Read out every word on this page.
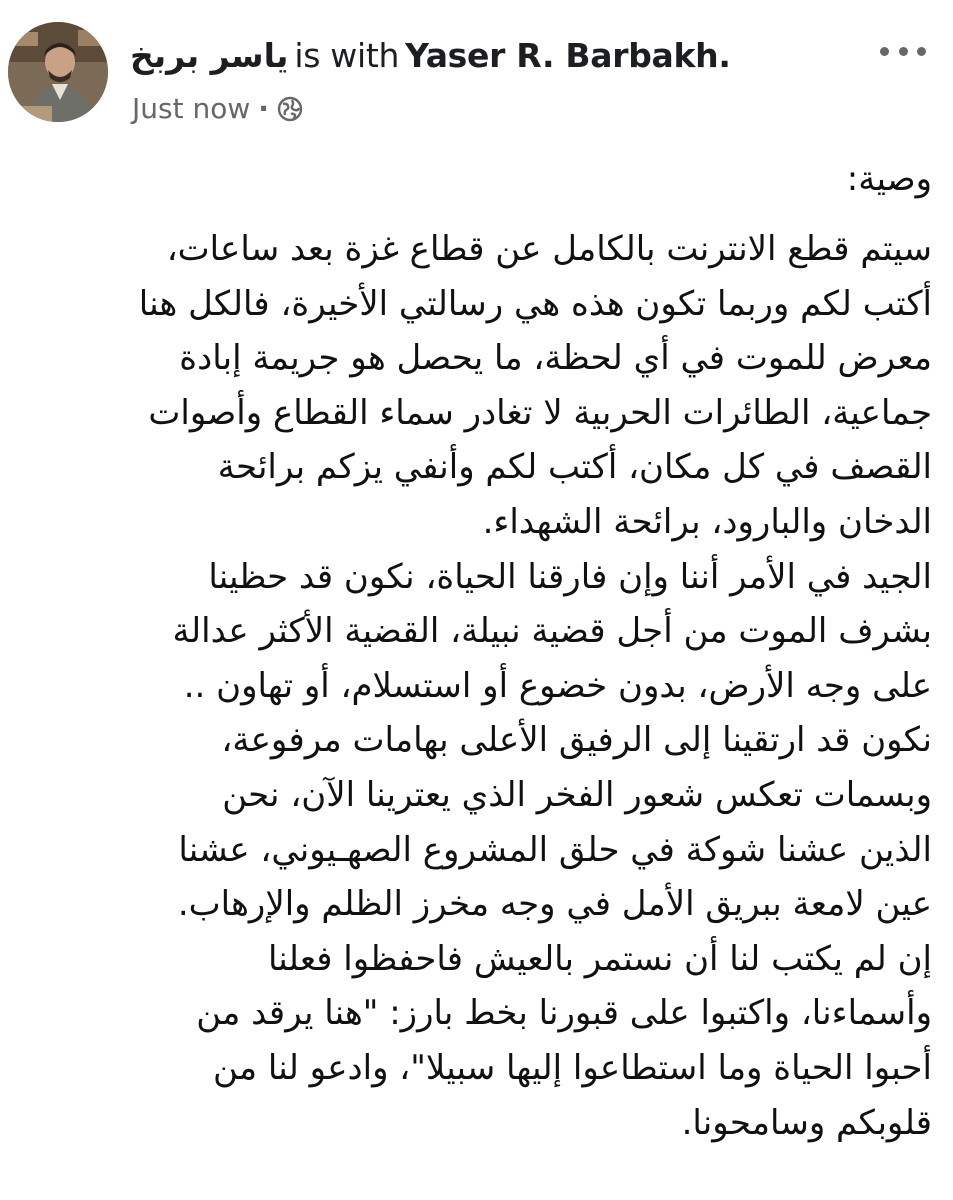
ياسر بربخ is with Yaser R. Barbakh.
Just now ·
وصية:
سيتم قطع الانترنت بالكامل عن قطاع غزة بعد ساعات،
أكتب لكم وربما تكون هذه هي رسالتي الأخيرة، فالكل هنا
معرض للموت في أي لحظة، ما يحصل هو جريمة إبادة
جماعية، الطائرات الحربية لا تغادر سماء القطاع وأصوات
القصف في كل مكان، أكتب لكم وأنفي يزكم برائحة
الدخان والبارود، برائحة الشهداء.
الجيد في الأمر أننا وإن فارقنا الحياة، نكون قد حظينا
بشرف الموت من أجل قضية نبيلة، القضية الأكثر عدالة
على وجه الأرض، بدون خضوع أو استسلام، أو تهاون ..
نكون قد ارتقينا إلى الرفيق الأعلى بهامات مرفوعة،
وبسمات تعكس شعور الفخر الذي يعترينا الآن، نحن
الذين عشنا شوكة في حلق المشروع الصهـيوني، عشنا
عين لامعة ببريق الأمل في وجه مخرز الظلم والإرهاب.
إن لم يكتب لنا أن نستمر بالعيش فاحفظوا فعلنا
وأسماءنا، واكتبوا على قبورنا بخط بارز: "هنا يرقد من
أحبوا الحياة وما استطاعوا إليها سبيلا"، وادعو لنا من
قلوبكم وسامحونا.
